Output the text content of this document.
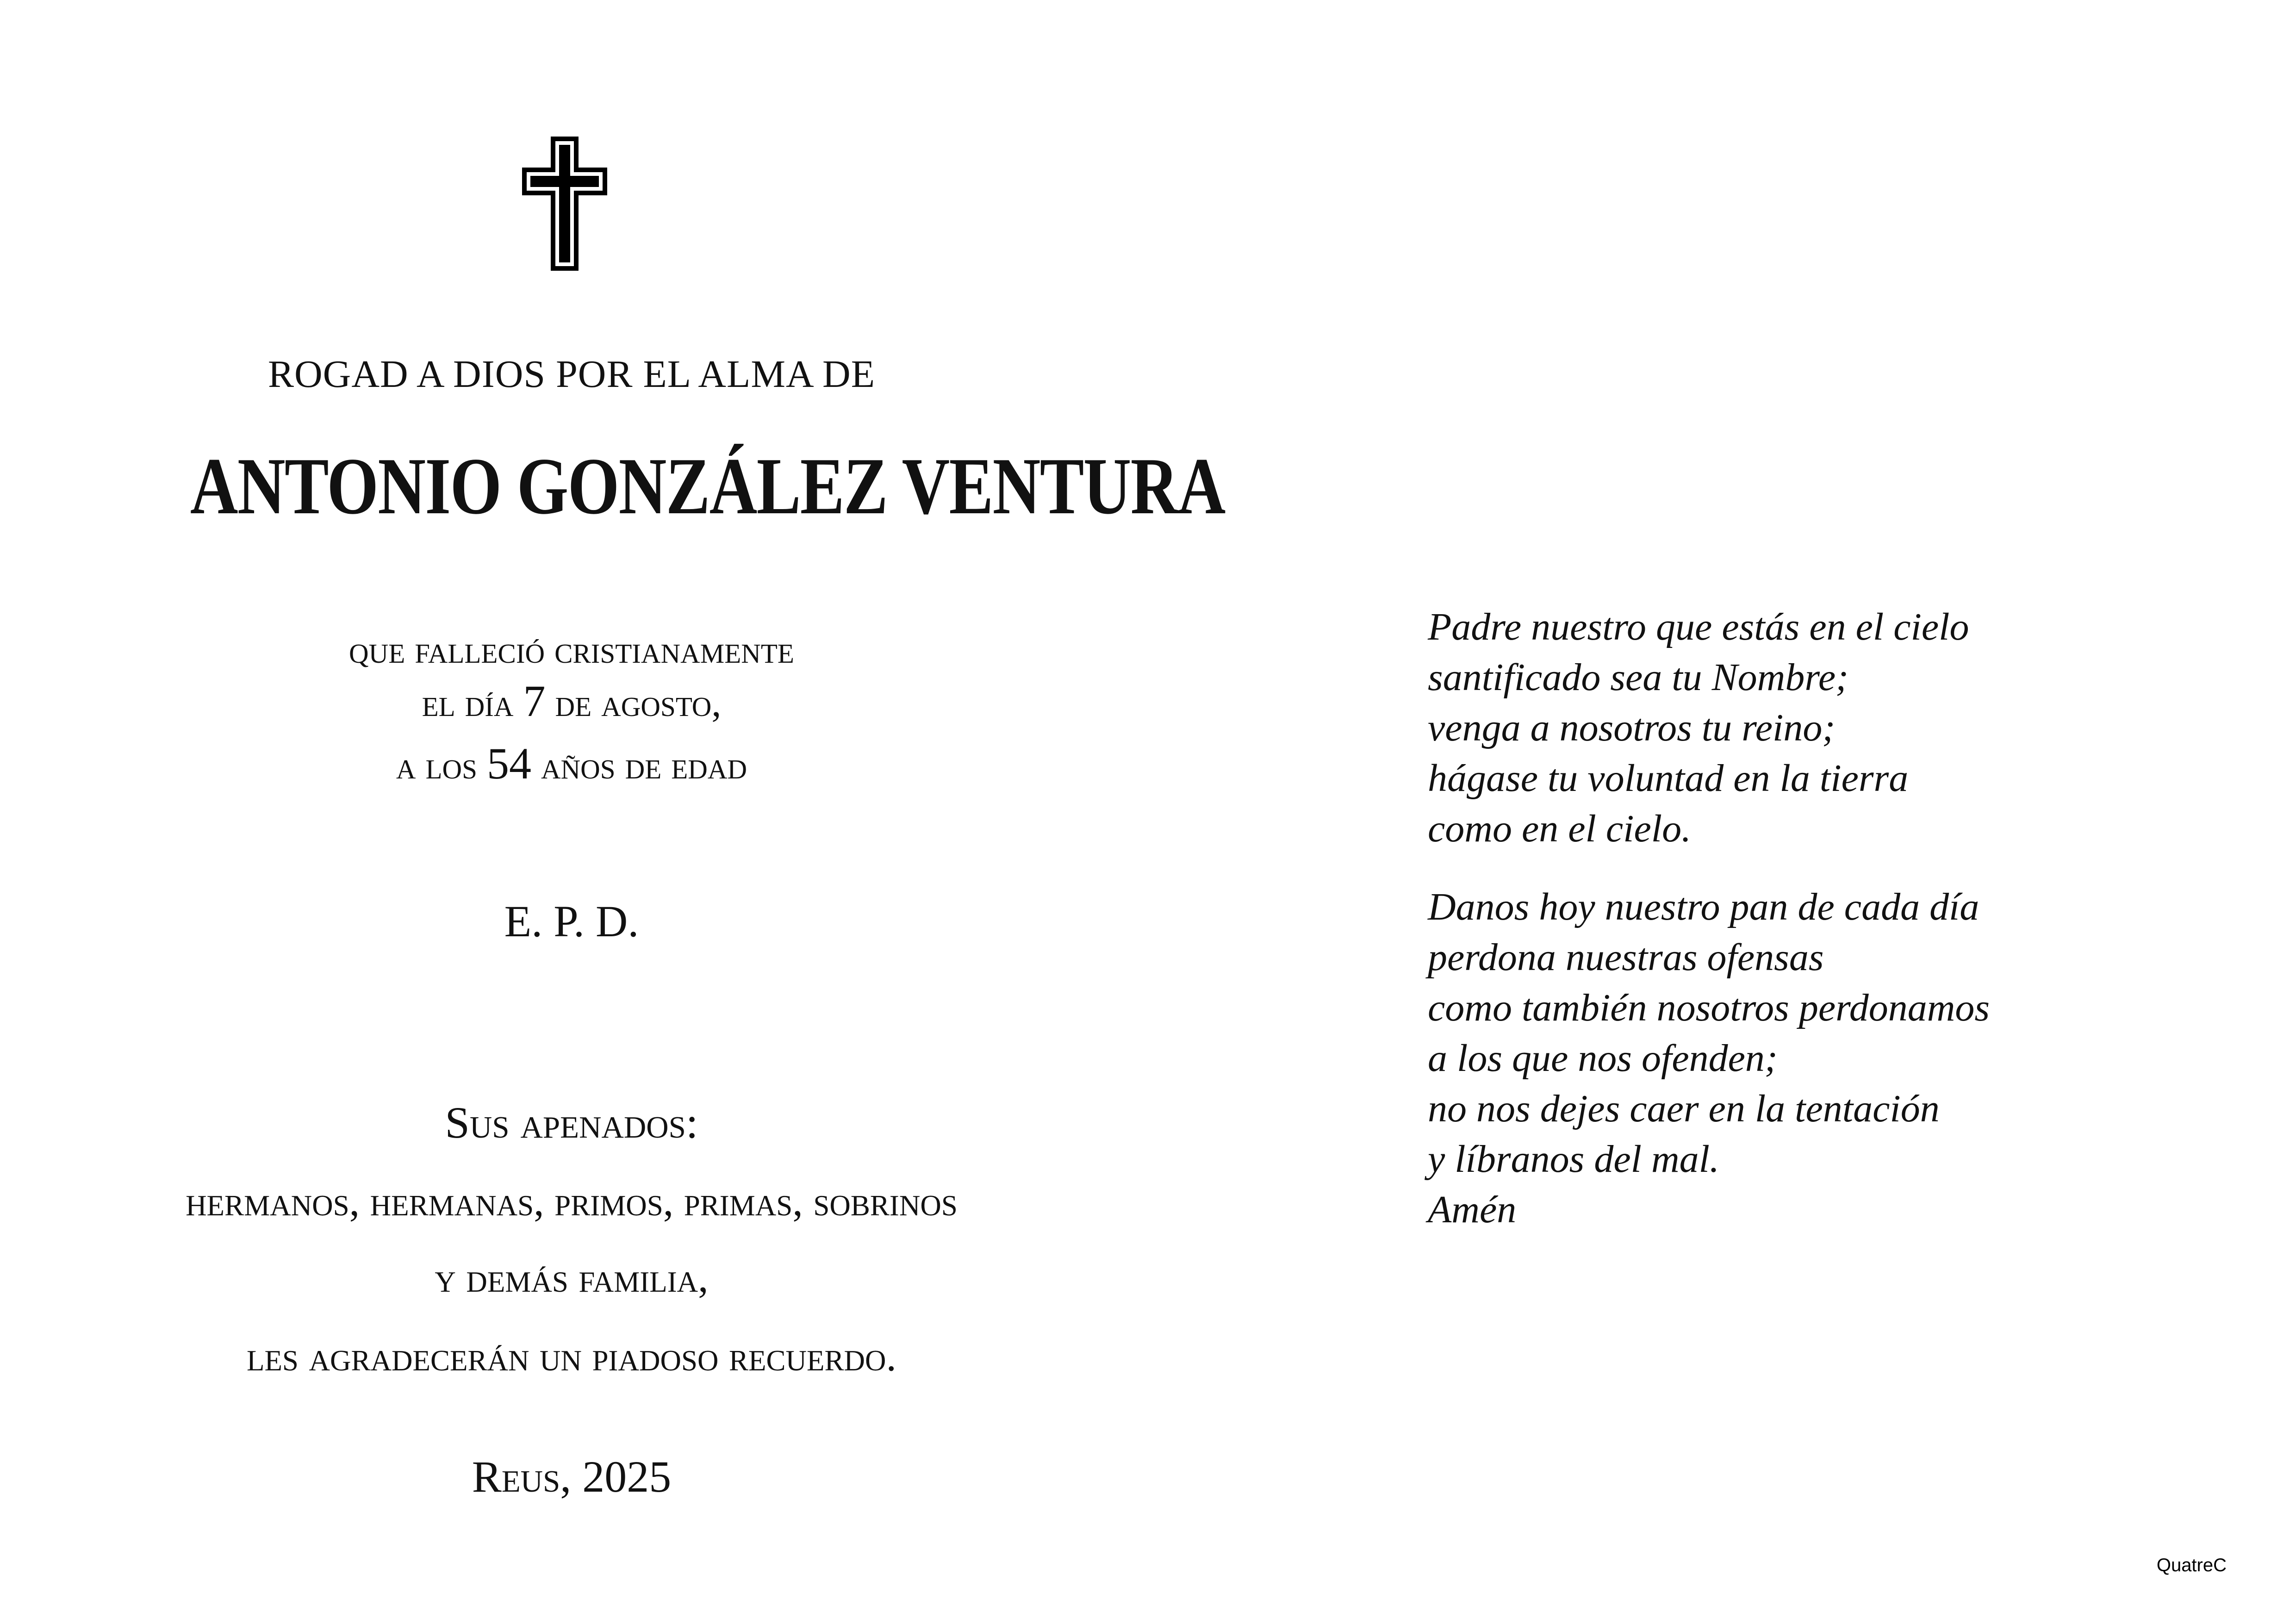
ROGAD A DIOS POR EL ALMA DE
ANTONIO GONZÁLEZ VENTURA
que falleció cristianamente
el día 7 de agosto,
a los 54 años de edad
E. P. D.
Sus apenados:
hermanos, hermanas, primos, primas, sobrinos
y demás familia,
les agradecerán un piadoso recuerdo.
Reus, 2025
Padre nuestro que estás en el cielo
santificado sea tu Nombre;
venga a nosotros tu reino;
hágase tu voluntad en la tierra
como en el cielo.
Danos hoy nuestro pan de cada día
perdona nuestras ofensas
como también nosotros perdonamos
a los que nos ofenden;
no nos dejes caer en la tentación
y líbranos del mal.
Amén
QuatreC
